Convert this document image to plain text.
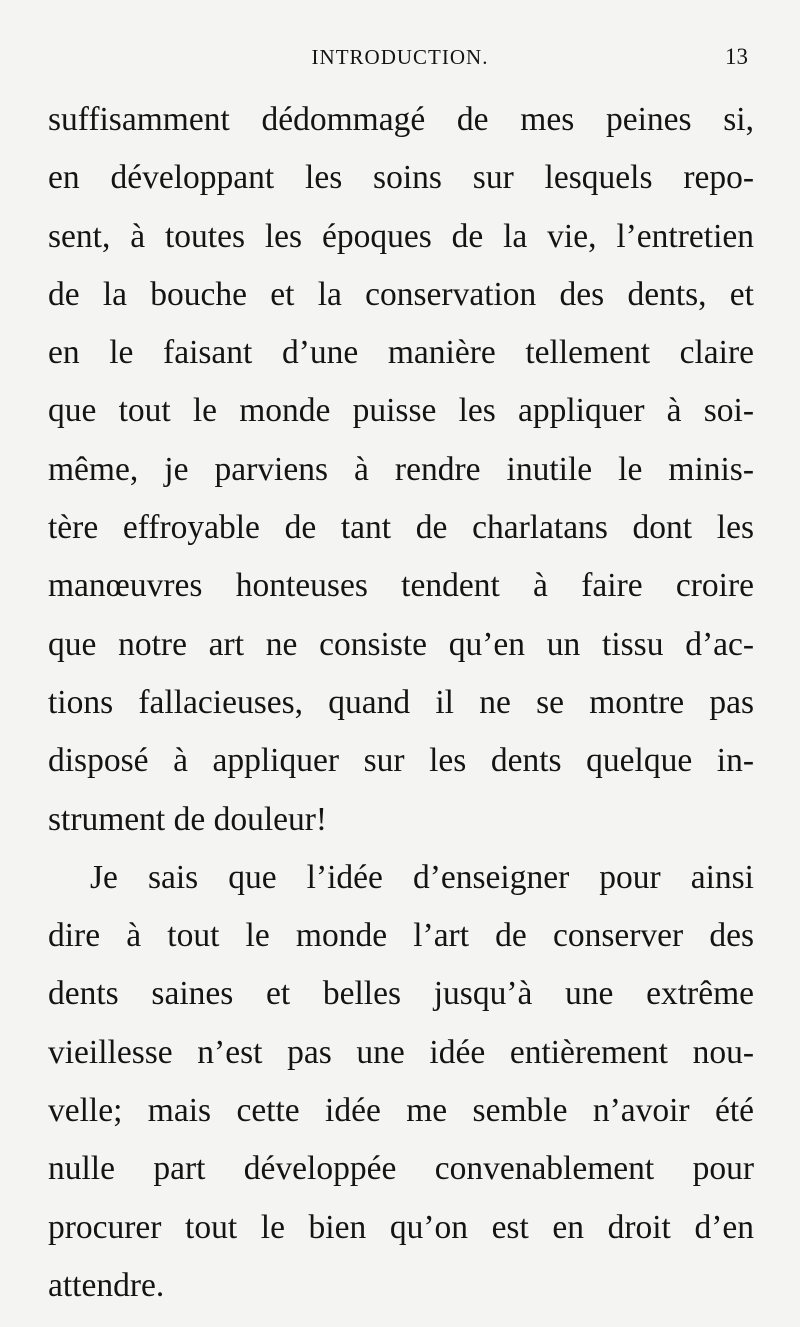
INTRODUCTION.	13
suffisamment dédommagé de mes peines si,
en développant les soins sur lesquels repo-
sent, à toutes les époques de la vie, l’entretien
de la bouche et la conservation des dents, et
en le faisant d’une manière tellement claire
que tout le monde puisse les appliquer à soi-
même, je parviens à rendre inutile le minis-
tère effroyable de tant de charlatans dont les
manœuvres honteuses tendent à faire croire
que notre art ne consiste qu’en un tissu d’ac-
tions fallacieuses, quand il ne se montre pas
disposé à appliquer sur les dents quelque in-
strument de douleur!
Je sais que l’idée d’enseigner pour ainsi
dire à tout le monde l’art de conserver des
dents saines et belles jusqu’à une extrême
vieillesse n’est pas une idée entièrement nou-
velle; mais cette idée me semble n’avoir été
nulle part développée convenablement pour
procurer tout le bien qu’on est en droit d’en
attendre.
